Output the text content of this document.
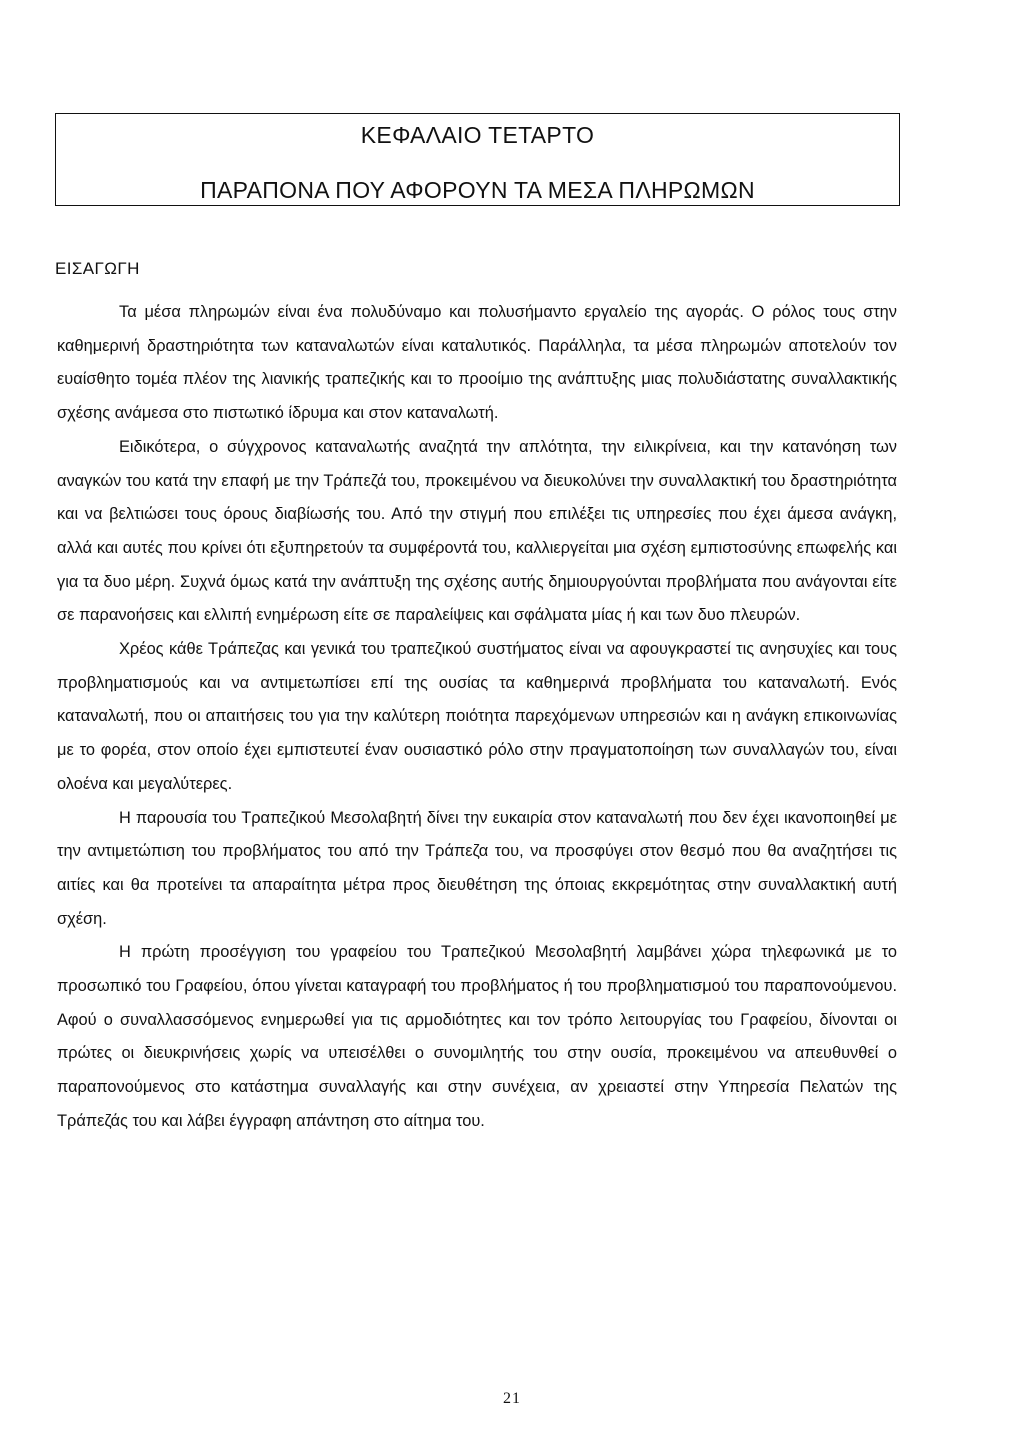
ΚΕΦΑΛΑΙΟ ΤΕΤΑΡΤΟ
ΠΑΡΑΠΟΝΑ ΠΟΥ ΑΦΟΡΟΥΝ ΤΑ ΜΕΣΑ ΠΛΗΡΩΜΩΝ
ΕΙΣΑΓΩΓΗ

Τα μέσα πληρωμών είναι ένα πολυδύναμο και πολυσήμαντο εργαλείο της αγοράς. Ο ρόλος τους στην καθημερινή δραστηριότητα των καταναλωτών είναι καταλυτικός. Παράλληλα, τα μέσα πληρωμών αποτελούν τον ευαίσθητο τομέα πλέον της λιανικής τραπεζικής και το προοίμιο της ανάπτυξης μιας πολυδιάστατης συναλλακτικής σχέσης ανάμεσα στο πιστωτικό ίδρυμα και στον καταναλωτή.

Ειδικότερα, ο σύγχρονος καταναλωτής αναζητά την απλότητα, την ειλικρίνεια, και την κατανόηση των αναγκών του κατά την επαφή με την Τράπεζά του, προκειμένου να διευκολύνει την συναλλακτική του δραστηριότητα και να βελτιώσει τους όρους διαβίωσής του. Από την στιγμή που επιλέξει τις υπηρεσίες που έχει άμεσα ανάγκη, αλλά και αυτές που κρίνει ότι εξυπηρετούν τα συμφέροντά του, καλλιεργείται μια σχέση εμπιστοσύνης επωφελής και για τα δυο μέρη. Συχνά όμως κατά την ανάπτυξη της σχέσης αυτής δημιουργούνται προβλήματα που ανάγονται είτε σε παρανοήσεις και ελλιπή ενημέρωση είτε σε παραλείψεις και σφάλματα μίας ή και των δυο πλευρών.

Χρέος κάθε Τράπεζας και γενικά του τραπεζικού συστήματος είναι να αφουγκραστεί τις ανησυχίες και τους προβληματισμούς και να αντιμετωπίσει επί της ουσίας τα καθημερινά προβλήματα του καταναλωτή. Ενός καταναλωτή, που οι απαιτήσεις του για την καλύτερη ποιότητα παρεχόμενων υπηρεσιών και η ανάγκη επικοινωνίας με το φορέα, στον οποίο έχει εμπιστευτεί έναν ουσιαστικό ρόλο στην πραγματοποίηση των συναλλαγών του, είναι ολοένα και μεγαλύτερες.

Η παρουσία του Τραπεζικού Μεσολαβητή δίνει την ευκαιρία στον καταναλωτή που δεν έχει ικανοποιηθεί με την αντιμετώπιση του προβλήματος του από την Τράπεζα του, να προσφύγει στον θεσμό που θα αναζητήσει τις αιτίες και θα προτείνει τα απαραίτητα μέτρα προς διευθέτηση της όποιας εκκρεμότητας στην συναλλακτική αυτή σχέση.

Η πρώτη προσέγγιση του γραφείου του Τραπεζικού Μεσολαβητή λαμβάνει χώρα τηλεφωνικά με το προσωπικό του Γραφείου, όπου γίνεται καταγραφή του προβλήματος ή του προβληματισμού του παραπονούμενου. Αφού ο συναλλασσόμενος ενημερωθεί για τις αρμοδιότητες και τον τρόπο λειτουργίας του Γραφείου, δίνονται οι πρώτες οι διευκρινήσεις χωρίς να υπεισέλθει ο συνομιλητής του στην ουσία, προκειμένου να απευθυνθεί ο παραπονούμενος στο κατάστημα συναλλαγής και στην συνέχεια, αν χρειαστεί στην Υπηρεσία Πελατών της Τράπεζάς του και λάβει έγγραφη απάντηση στο αίτημα του.

21
